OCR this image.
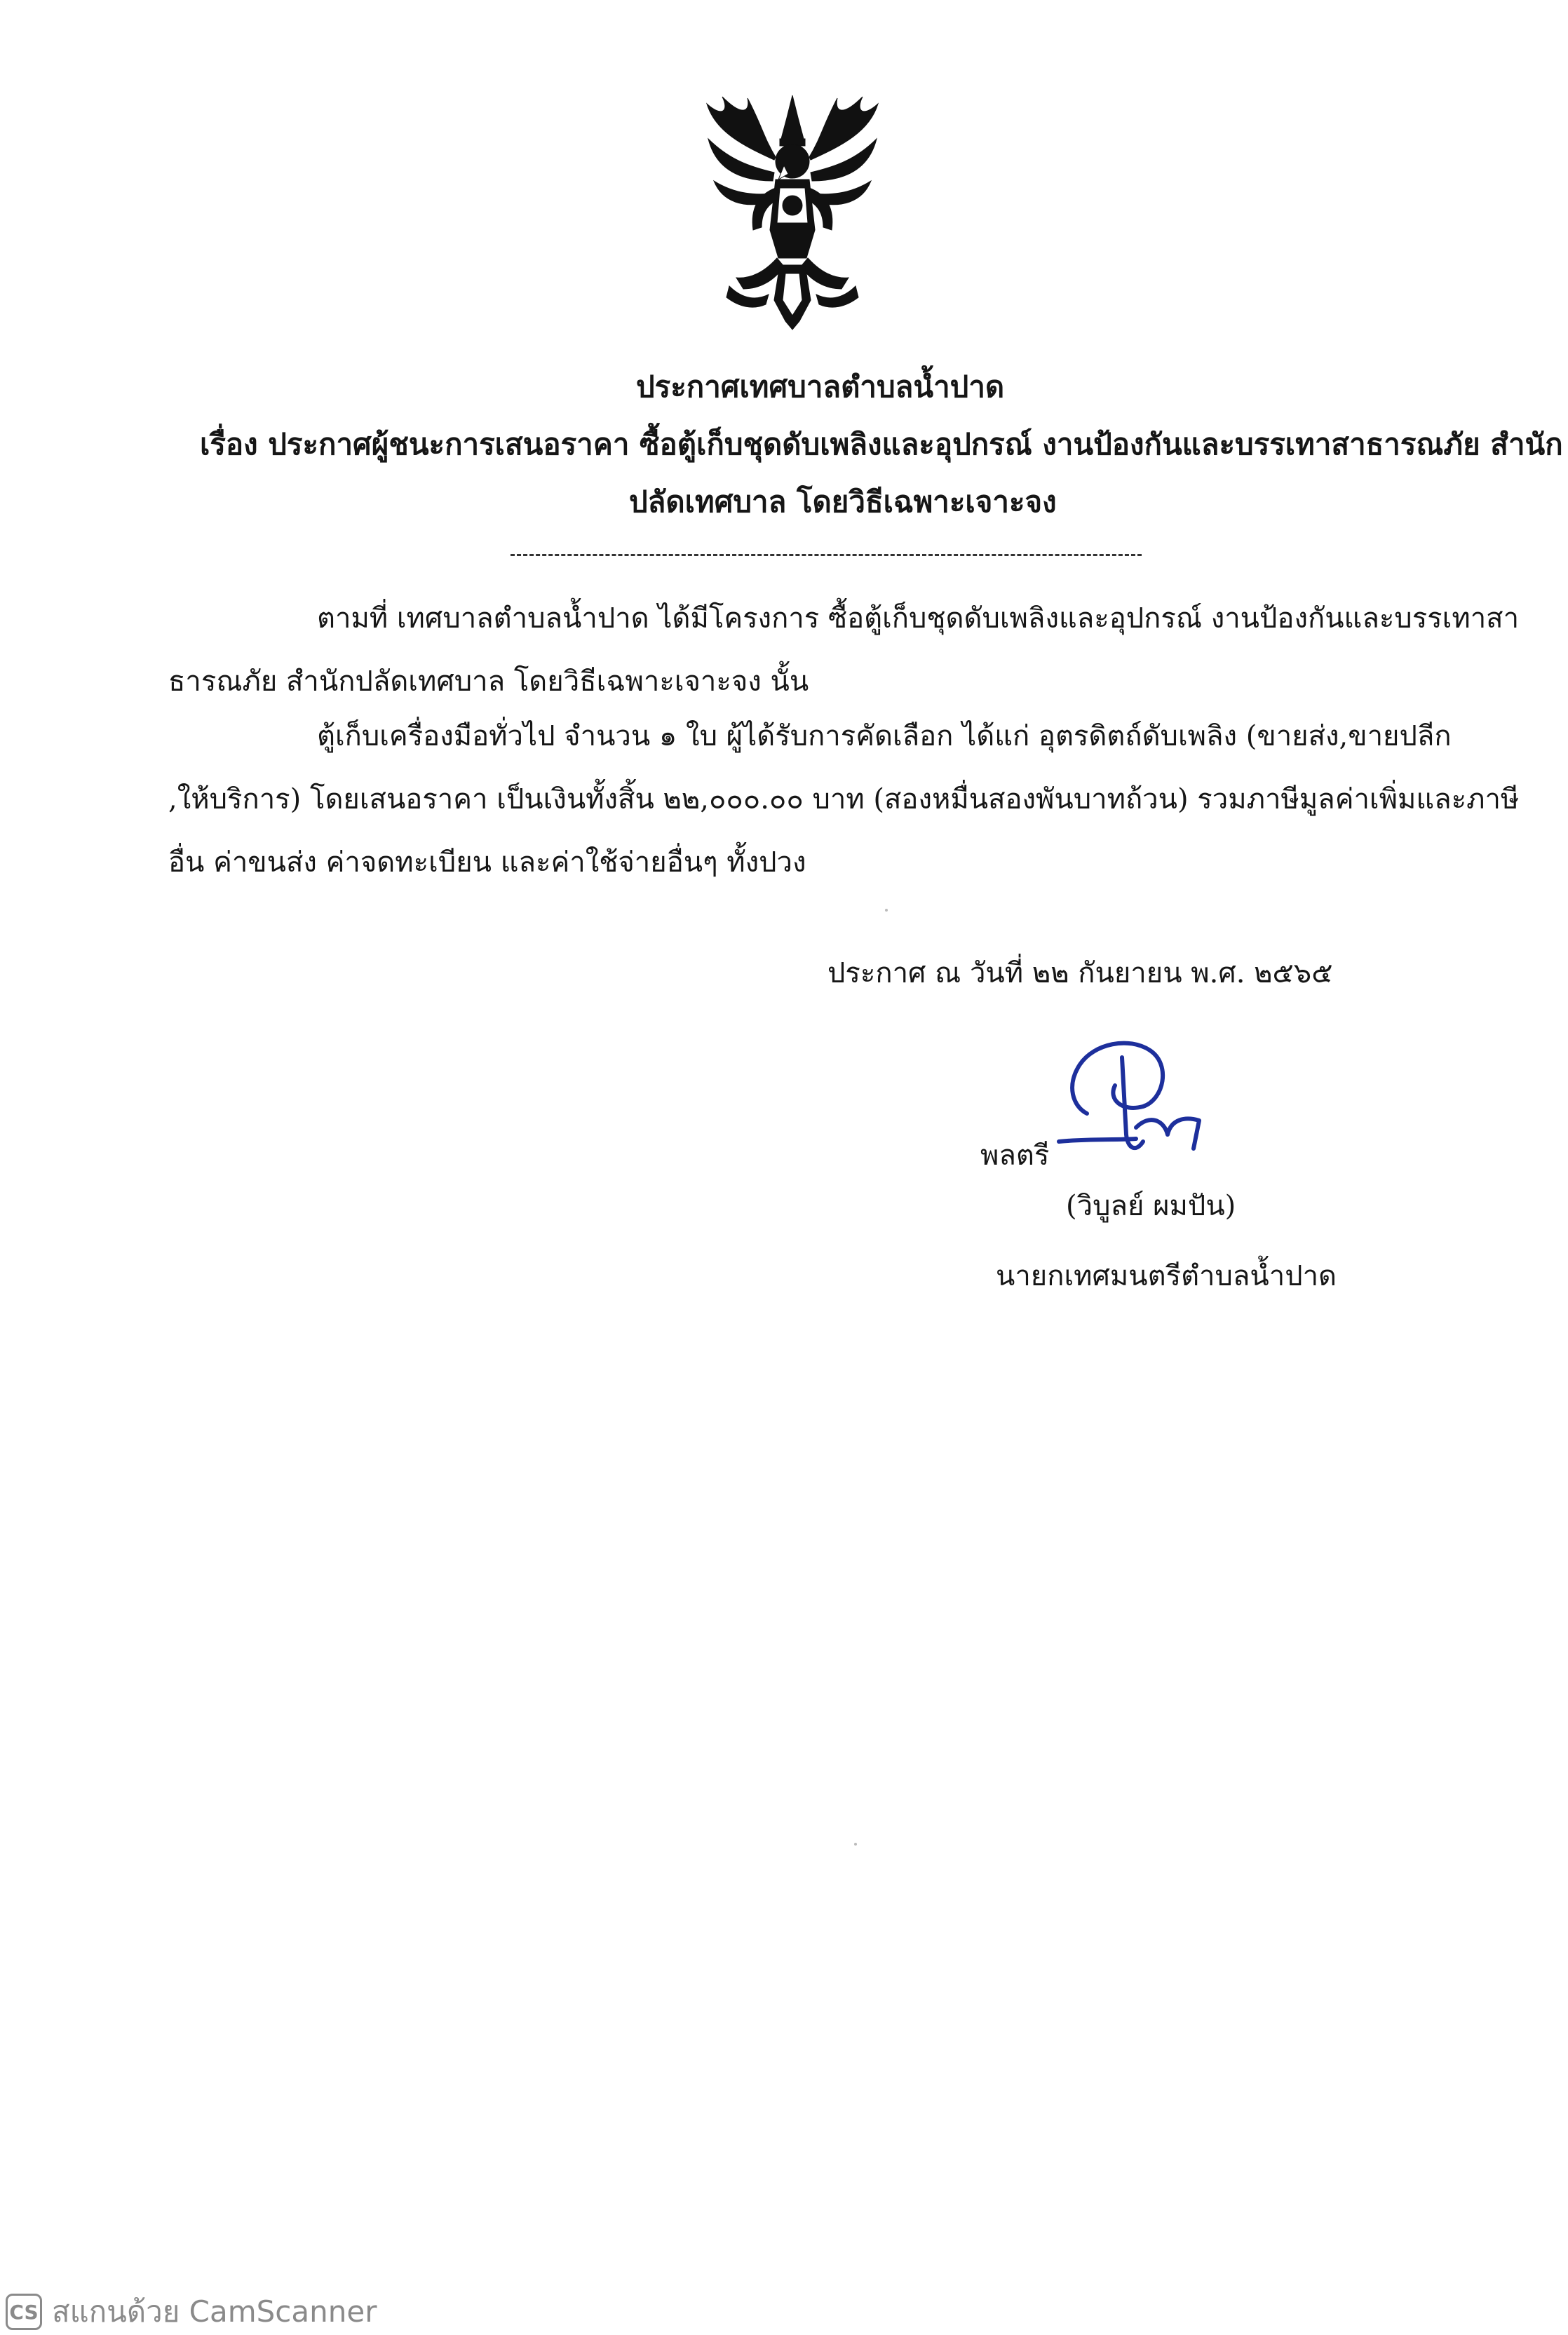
ประกาศเทศบาลตำบลน้ำปาด
เรื่อง ประกาศผู้ชนะการเสนอราคา ซื้อตู้เก็บชุดดับเพลิงและอุปกรณ์ งานป้องกันและบรรเทาสาธารณภัย สำนัก
ปลัดเทศบาล โดยวิธีเฉพาะเจาะจง
ตามที่ เทศบาลตำบลน้ำปาด ได้มีโครงการ ซื้อตู้เก็บชุดดับเพลิงและอุปกรณ์ งานป้องกันและบรรเทาสา
ธารณภัย สำนักปลัดเทศบาล โดยวิธีเฉพาะเจาะจง นั้น
ตู้เก็บเครื่องมือทั่วไป จำนวน ๑ ใบ ผู้ได้รับการคัดเลือก ได้แก่ อุตรดิตถ์ดับเพลิง (ขายส่ง,ขายปลีก
,ให้บริการ) โดยเสนอราคา เป็นเงินทั้งสิ้น ๒๒,๐๐๐.๐๐ บาท (สองหมื่นสองพันบาทถ้วน) รวมภาษีมูลค่าเพิ่มและภาษี
อื่น ค่าขนส่ง ค่าจดทะเบียน และค่าใช้จ่ายอื่นๆ ทั้งปวง
ประกาศ ณ วันที่ ๒๒ กันยายน พ.ศ. ๒๕๖๕
พลตรี
(วิบูลย์ ผมปัน)
นายกเทศมนตรีตำบลน้ำปาด
CS สแกนด้วย CamScanner
